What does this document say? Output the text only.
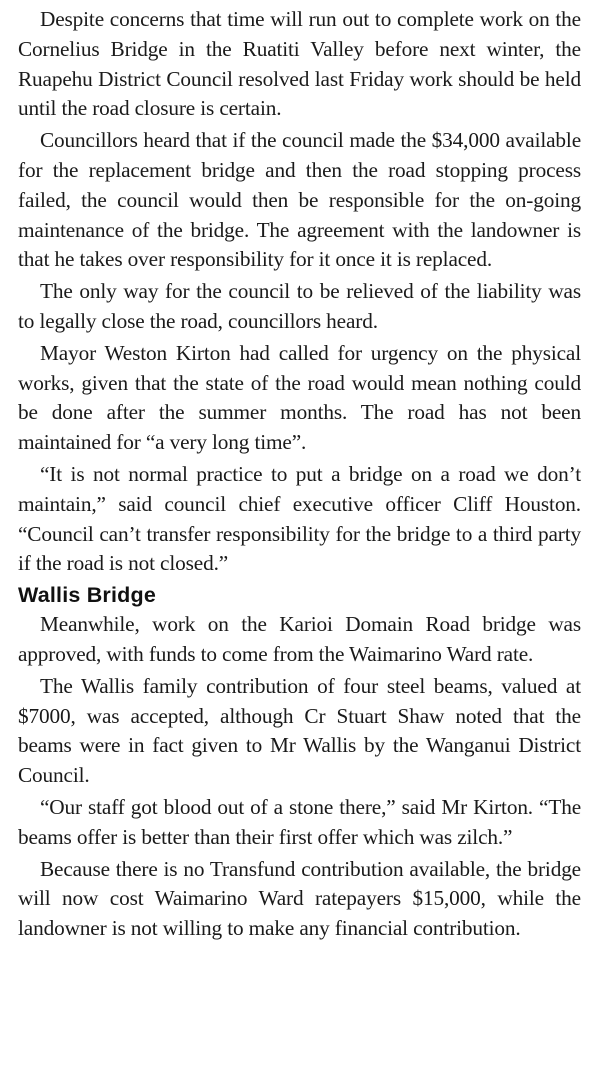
Despite concerns that time will run out to complete work on the Cornelius Bridge in the Ruatiti Valley before next winter, the Ruapehu District Council resolved last Friday work should be held until the road closure is certain.

Councillors heard that if the council made the $34,000 available for the replacement bridge and then the road stopping process failed, the council would then be responsible for the on-going maintenance of the bridge. The agreement with the landowner is that he takes over responsibility for it once it is replaced.

The only way for the council to be relieved of the liability was to legally close the road, councillors heard.

Mayor Weston Kirton had called for urgency on the physical works, given that the state of the road would mean nothing could be done after the summer months. The road has not been maintained for “a very long time”.

“It is not normal practice to put a bridge on a road we don’t maintain,” said council chief executive officer Cliff Houston. “Council can’t transfer responsibility for the bridge to a third party if the road is not closed.”

Wallis Bridge

Meanwhile, work on the Karioi Domain Road bridge was approved, with funds to come from the Waimarino Ward rate.

The Wallis family contribution of four steel beams, valued at $7000, was accepted, although Cr Stuart Shaw noted that the beams were in fact given to Mr Wallis by the Wanganui District Council.

“Our staff got blood out of a stone there,” said Mr Kirton. “The beams offer is better than their first offer which was zilch.”

Because there is no Transfund contribution available, the bridge will now cost Waimarino Ward ratepayers $15,000, while the landowner is not willing to make any financial contribution.
